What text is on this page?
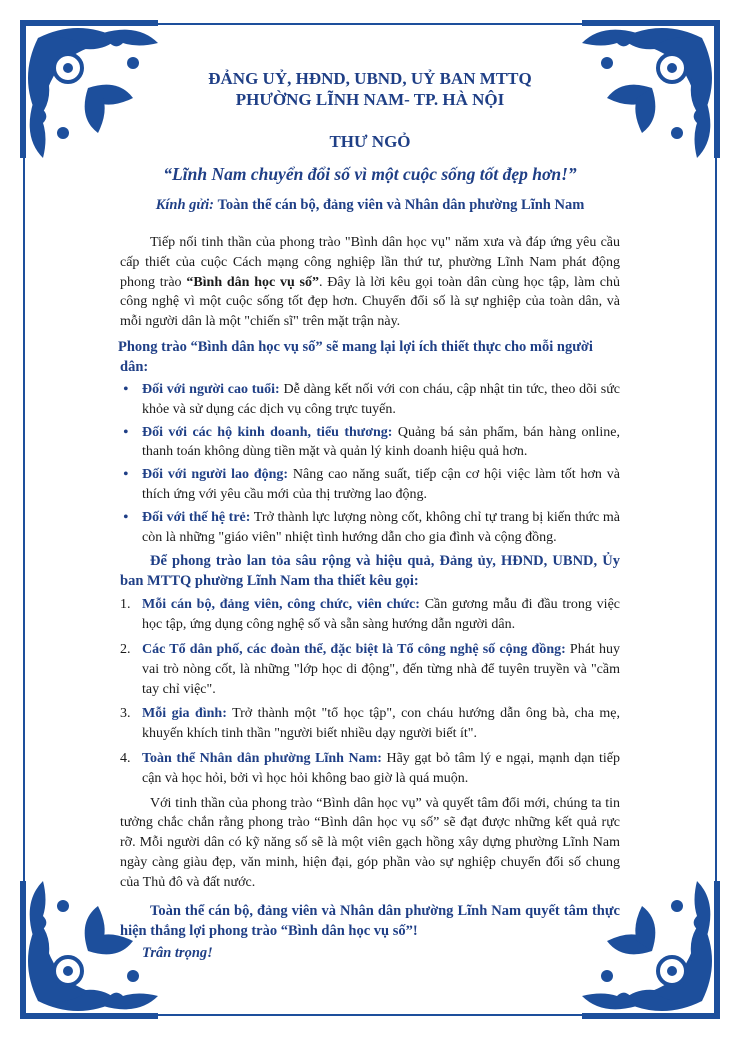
ĐẢNG UỶ, HĐND, UBND, UỶ BAN MTTQ

PHƯỜNG LĨNH NAM- TP. HÀ NỘI

THƯ NGỎ

“Lĩnh Nam chuyển đổi số vì một cuộc sống tốt đẹp hơn!”

Kính gửi: Toàn thể cán bộ, đảng viên và Nhân dân phường Lĩnh Nam

Tiếp nối tinh thần của phong trào "Bình dân học vụ" năm xưa và đáp ứng yêu cầu cấp thiết của cuộc Cách mạng công nghiệp lần thứ tư, phường Lĩnh Nam phát động phong trào “Bình dân học vụ số”. Đây là lời kêu gọi toàn dân cùng học tập, làm chủ công nghệ vì một cuộc sống tốt đẹp hơn. Chuyển đổi số là sự nghiệp của toàn dân, và mỗi người dân là một "chiến sĩ" trên mặt trận này.

Phong trào “Bình dân học vụ số” sẽ mang lại lợi ích thiết thực cho mỗi người dân:

• Đối với người cao tuổi: Dễ dàng kết nối với con cháu, cập nhật tin tức, theo dõi sức khỏe và sử dụng các dịch vụ công trực tuyến.
• Đối với các hộ kinh doanh, tiểu thương: Quảng bá sản phẩm, bán hàng online, thanh toán không dùng tiền mặt và quản lý kinh doanh hiệu quả hơn.
• Đối với người lao động: Nâng cao năng suất, tiếp cận cơ hội việc làm tốt hơn và thích ứng với yêu cầu mới của thị trường lao động.
• Đối với thế hệ trẻ: Trở thành lực lượng nòng cốt, không chỉ tự trang bị kiến thức mà còn là những "giáo viên" nhiệt tình hướng dẫn cho gia đình và cộng đồng.

Để phong trào lan tỏa sâu rộng và hiệu quả, Đảng ủy, HĐND, UBND, Ủy ban MTTQ phường Lĩnh Nam tha thiết kêu gọi:

1. Mỗi cán bộ, đảng viên, công chức, viên chức: Cần gương mẫu đi đầu trong việc học tập, ứng dụng công nghệ số và sẵn sàng hướng dẫn người dân.
2. Các Tổ dân phố, các đoàn thể, đặc biệt là Tổ công nghệ số cộng đồng: Phát huy vai trò nòng cốt, là những "lớp học di động", đến từng nhà để tuyên truyền và "cầm tay chỉ việc".
3. Mỗi gia đình: Trở thành một "tổ học tập", con cháu hướng dẫn ông bà, cha mẹ, khuyến khích tinh thần "người biết nhiều dạy người biết ít".
4. Toàn thể Nhân dân phường Lĩnh Nam: Hãy gạt bỏ tâm lý e ngại, mạnh dạn tiếp cận và học hỏi, bởi vì học hỏi không bao giờ là quá muộn.

Với tinh thần của phong trào “Bình dân học vụ” và quyết tâm đổi mới, chúng ta tin tưởng chắc chắn rằng phong trào “Bình dân học vụ số” sẽ đạt được những kết quả rực rỡ. Mỗi người dân có kỹ năng số sẽ là một viên gạch hồng xây dựng phường Lĩnh Nam ngày càng giàu đẹp, văn minh, hiện đại, góp phần vào sự nghiệp chuyển đổi số chung của Thủ đô và đất nước.

Toàn thể cán bộ, đảng viên và Nhân dân phường Lĩnh Nam quyết tâm thực hiện thắng lợi phong trào “Bình dân học vụ số”!

Trân trọng!
